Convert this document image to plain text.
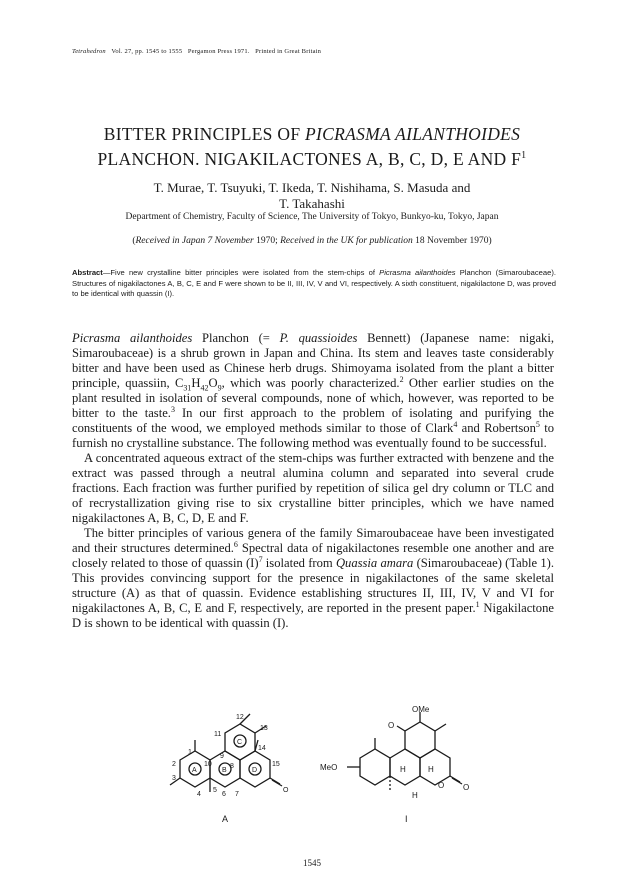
Tetrahedron Vol. 27, pp. 1545 to 1555 Pergamon Press 1971. Printed in Great Britain
BITTER PRINCIPLES OF PICRASMA AILANTHOIDES
PLANCHON. NIGAKILACTONES A, B, C, D, E AND $F^1$
T. Murae, T. Tsuyuki, T. Ikeda, T. Nishihama, S. Masuda and
T. Takahashi
Department of Chemistry, Faculty of Science, The University of Tokyo, Bunkyo-ku, Tokyo, Japan
(Received in Japan 7 November 1970; Received in the UK for publication 18 November 1970)
Abstract—Five new crystalline bitter principles were isolated from the stem-chips of Picrasma ailanthoides Planchon (Simaroubaceae). Structures of nigakilactones A, B, C, E and F were shown to be II, III, IV, V and VI, respectively. A sixth constituent, nigakilactone D, was proved to be identical with quassin (I).

Picrasma ailanthoides Planchon (= P. quassioides Bennett) (Japanese name: nigaki, Simaroubaceae) is a shrub grown in Japan and China. Its stem and leaves taste considerably bitter and have been used as Chinese herb drugs. Shimoyama isolated from the plant a bitter principle, quassiin, $C_{31}H_{42}O_9$, which was poorly characterized.$^2$ Other earlier studies on the plant resulted in isolation of several compounds, none of which, however, was reported to be bitter to the taste.$^3$ In our first approach to the problem of isolating and purifying the constituents of the wood, we employed methods similar to those of Clark$^4$ and Robertson$^5$ to furnish no crystalline substance. The following method was eventually found to be successful.

A concentrated aqueous extract of the stem-chips was further extracted with benzene and the extract was passed through a neutral alumina column and separated into several crude fractions. Each fraction was further purified by repetition of silica gel dry column or TLC and of recrystallization giving rise to six crystalline bitter principles, which we have named nigakilactones A, B, C, D, E and F.

The bitter principles of various genera of the family Simaroubaceae have been investigated and their structures determined.$^6$ Spectral data of nigakilactones resemble one another and are closely related to those of quassin $(I)^7$ isolated from Quassia amara (Simaroubaceae) (Table 1). This provides convincing support for the presence in nigakilactones of the same skeletal structure (A) as that of quassin. Evidence establishing structures II, III, IV, V and VI for nigakilactones A, B, C, E and F, respectively, are reported in the present paper.$^1$ Nigakilactone D is shown to be identical with quassin (I).

A	B
C
D
1
2
3
4
5
6 7
8
9
10
11
12
13
14
15
O
A
OMe
MeO
O
O
O
H	H
H
I
1545
